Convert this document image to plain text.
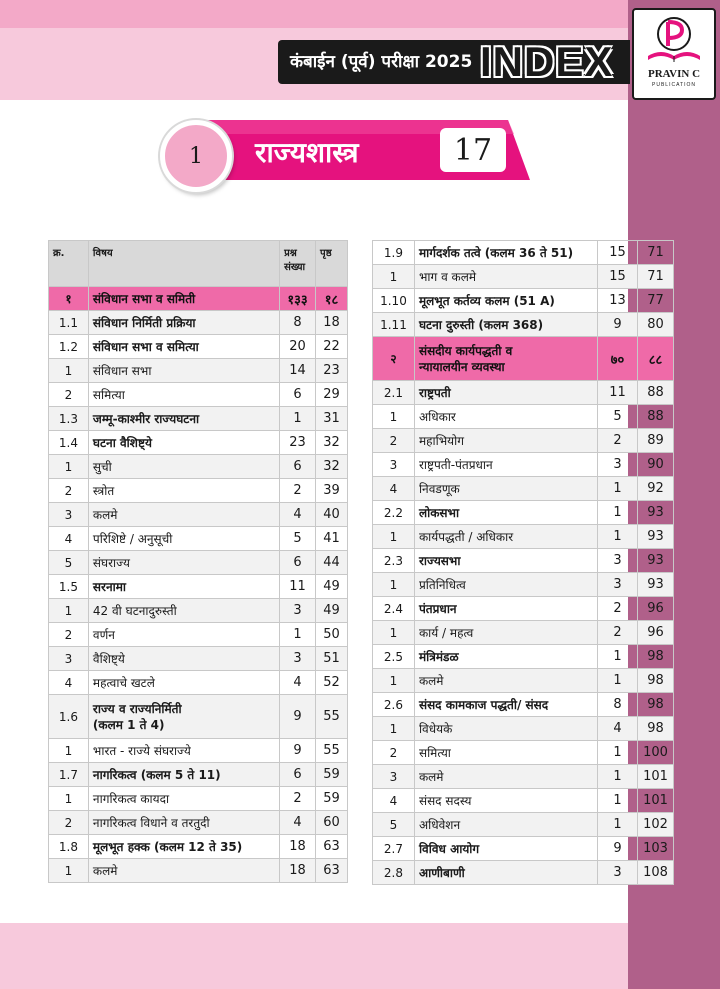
कंबाईन (पूर्व) परीक्षा 2025 INDEX	PRAVIN C
PUBLICATION
1	राज्यशास्त्र	17
क्र.	विषय	प्रश्न संख्या	पृष्ठ
१	संविधान सभा व समिती	१३३	१८
1.1	संविधान निर्मिती प्रक्रिया	8	18
1.2	संविधान सभा व समित्या	20	22
1	संविधान सभा	14	23
2	समित्या	6	29
1.3	जम्मू-काश्मीर राज्यघटना	1	31
1.4	घटना वैशिष्ट्ये	23	32
1	सुची	6	32
2	स्त्रोत	2	39
3	कलमे	4	40
4	परिशिष्टे / अनुसूची	5	41
5	संघराज्य	6	44
1.5	सरनामा	11	49
1	42 वी घटनादुरुस्ती	3	49
2	वर्णन	1	50
3	वैशिष्ट्ये	3	51
4	महत्वाचे खटले	4	52
1.6	राज्य व राज्यनिर्मिती
(कलम 1 ते 4)	9	55
1	भारत - राज्ये संघराज्ये	9	55
1.7	नागरिकत्व (कलम 5 ते 11)	6	59
1	नागरिकत्व कायदा	2	59
2	नागरिकत्व विधाने व तरतुदी	4	60
1.8	मूलभूत हक्क (कलम 12 ते 35)	18	63
1	कलमे	18	63
1.9	मार्गदर्शक तत्वे (कलम 36 ते 51)	15	71
1	भाग व कलमे	15	71
1.10	मूलभूत कर्तव्य कलम (51 A)	13	77
1.11	घटना दुरुस्ती (कलम 368)	9	80
२	संसदीय कार्यपद्धती व
न्यायालयीन व्यवस्था	७०	८८
2.1	राष्ट्रपती	11	88
1	अधिकार	5	88
2	महाभियोग	2	89
3	राष्ट्रपती-पंतप्रधान	3	90
4	निवडणूक	1	92
2.2	लोकसभा	1	93
1	कार्यपद्धती / अधिकार	1	93
2.3	राज्यसभा	3	93
1	प्रतिनिधित्व	3	93
2.4	पंतप्रधान	2	96
1	कार्य / महत्व	2	96
2.5	मंत्रिमंडळ	1	98
1	कलमे	1	98
2.6	संसद कामकाज पद्धती/ संसद	8	98
1	विधेयके	4	98
2	समित्या	1	100
3	कलमे	1	101
4	संसद सदस्य	1	101
5	अधिवेशन	1	102
2.7	विविध आयोग	9	103
2.8	आणीबाणी	3	108
